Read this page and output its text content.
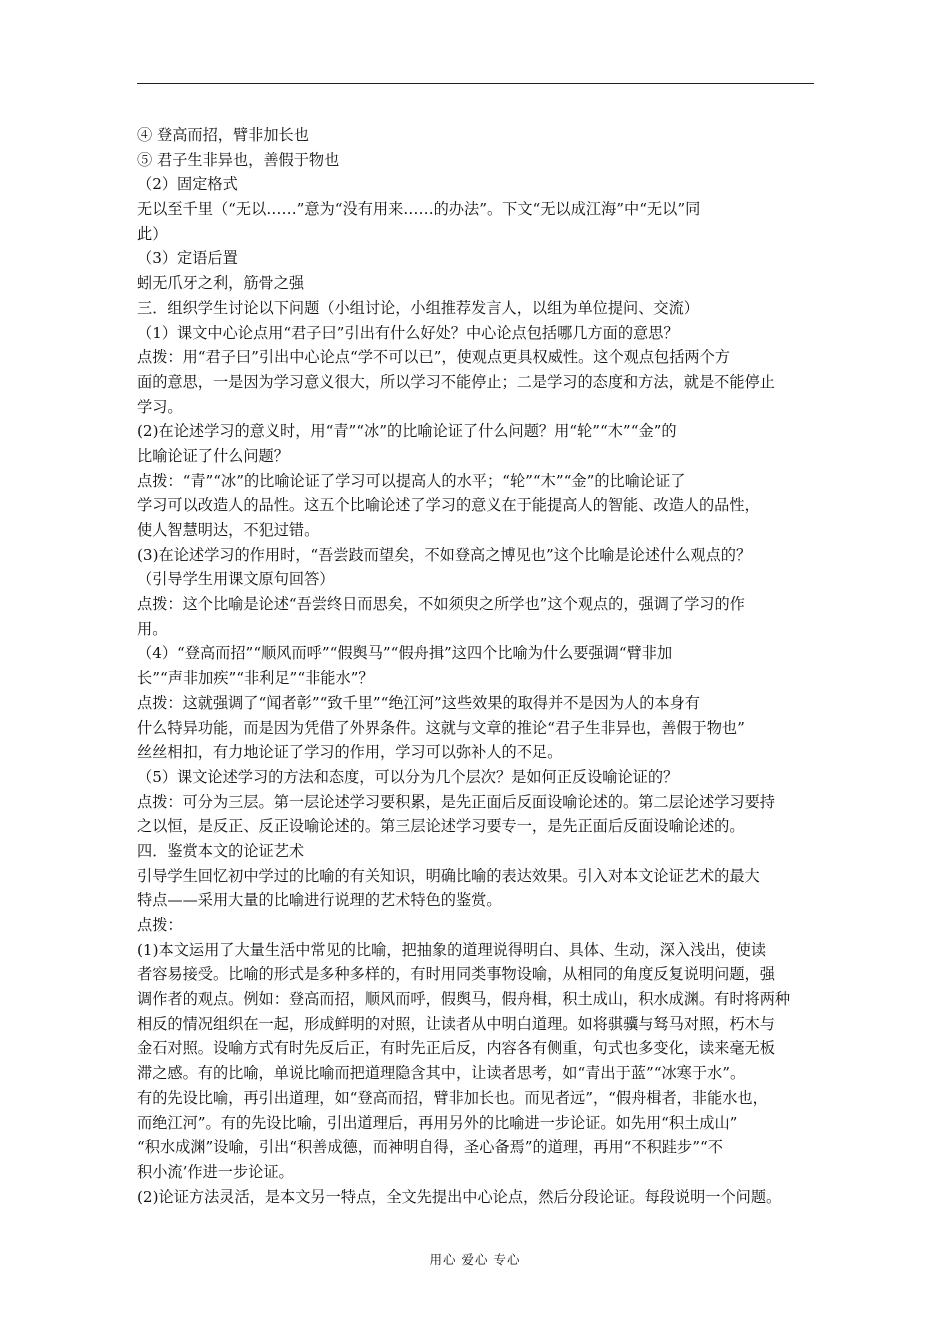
④ 登高而招，臂非加长也
⑤ 君子生非异也，善假于物也
（2）固定格式
无以至千里（“无以……”意为“没有用来……的办法”。下文“无以成江海”中“无以”同
此）
（3）定语后置
蚓无爪牙之利，筋骨之强
三．组织学生讨论以下问题（小组讨论，小组推荐发言人，以组为单位提问、交流）
（1）课文中心论点用“君子曰”引出有什么好处？中心论点包括哪几方面的意思？
点拨：用“君子曰”引出中心论点“学不可以已”，使观点更具权威性。这个观点包括两个方
面的意思，一是因为学习意义很大，所以学习不能停止；二是学习的态度和方法，就是不能停止
学习。
(2)在论述学习的意义时，用“青”“冰”的比喻论证了什么问题？用“轮”“木”“金”的
比喻论证了什么问题？
点拨：“青”“冰”的比喻论证了学习可以提高人的水平；“轮”“木”“金”的比喻论证了
学习可以改造人的品性。这五个比喻论述了学习的意义在于能提高人的智能、改造人的品性，
使人智慧明达，不犯过错。
(3)在论述学习的作用时，“吾尝跂而望矣，不如登高之博见也”这个比喻是论述什么观点的？
（引导学生用课文原句回答）
点拨：这个比喻是论述“吾尝终日而思矣，不如须臾之所学也”这个观点的，强调了学习的作
用。
（4）“登高而招”“顺风而呼”“假舆马”“假舟揖”这四个比喻为什么要强调“臂非加
长”“声非加疾”“非利足”“非能水”？
点拨：这就强调了“闻者彰”“致千里”“绝江河”这些效果的取得并不是因为人的本身有
什么特异功能，而是因为凭借了外界条件。这就与文章的推论“君子生非异也，善假于物也”
丝丝相扣，有力地论证了学习的作用，学习可以弥补人的不足。
（5）课文论述学习的方法和态度，可以分为几个层次？是如何正反设喻论证的？
点拨：可分为三层。第一层论述学习要积累，是先正面后反面设喻论述的。第二层论述学习要持
之以恒，是反正、反正设喻论述的。第三层论述学习要专一，是先正面后反面设喻论述的。
四．鉴赏本文的论证艺术
引导学生回忆初中学过的比喻的有关知识，明确比喻的表达效果。引入对本文论证艺术的最大
特点——采用大量的比喻进行说理的艺术特色的鉴赏。
点拨：
(1)本文运用了大量生活中常见的比喻，把抽象的道理说得明白、具体、生动，深入浅出，使读
者容易接受。比喻的形式是多种多样的，有时用同类事物设喻，从相同的角度反复说明问题，强
调作者的观点。例如：登高而招，顺风而呼，假舆马，假舟楫，积土成山，积水成渊。有时将两种
相反的情况组织在一起，形成鲜明的对照，让读者从中明白道理。如将骐骥与驽马对照，朽木与
金石对照。设喻方式有时先反后正，有时先正后反，内容各有侧重，句式也多变化，读来毫无板
滞之感。有的比喻，单说比喻而把道理隐含其中，让读者思考，如“青出于蓝”“冰寒于水”。
有的先设比喻，再引出道理，如“登高而招，臂非加长也。而见者远”，“假舟楫者，非能水也，
而绝江河”。有的先设比喻，引出道理后，再用另外的比喻进一步论证。如先用“积土成山”
“积水成渊”设喻，引出“积善成德，而神明自得，圣心备焉”的道理，再用“不积跬步”“不
积小流’作进一步论证。
(2)论证方法灵活，是本文另一特点，全文先提出中心论点，然后分段论证。每段说明一个问题。
用心 爱心 专心
